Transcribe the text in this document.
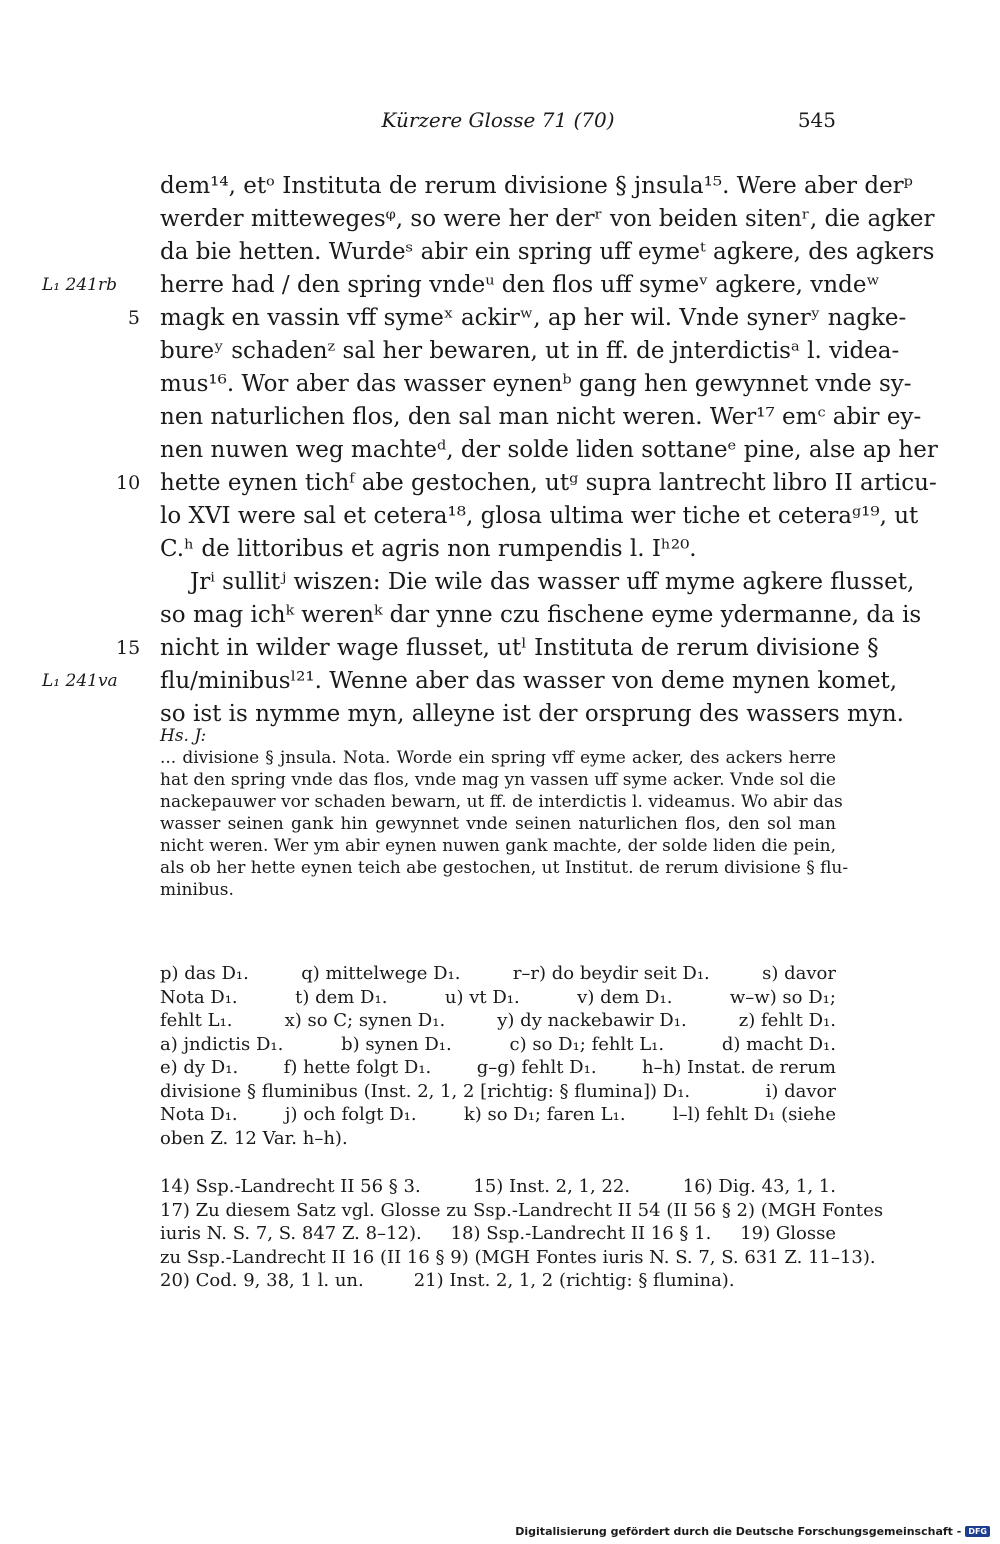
Kürzere Glosse 71 (70)	545
dem¹⁴, etᵒ Instituta de rerum divisione § jnsula¹⁵. Were aber derᵖ
werder mittewegesᵠ, so were her derʳ von beiden sitenʳ, die agker
da bie hetten. Wurdeˢ abir ein spring uff eymeᵗ agkere, des agkers
herre had / den spring vndeᵘ den flos uff symeᵛ agkere, vndeʷ
L₁ 241rb
magk en vassin vff symeˣ ackirʷ, ap her wil. Vnde synerʸ nagke-
5
bureʸ schadenᶻ sal her bewaren, ut in ff. de jnterdictisᵃ l. videa-
mus¹⁶. Wor aber das wasser eynenᵇ gang hen gewynnet vnde sy-
nen naturlichen flos, den sal man nicht weren. Wer¹⁷ emᶜ abir ey-
nen nuwen weg machteᵈ, der solde liden sottaneᵉ pine, alse ap her
hette eynen tichᶠ abe gestochen, utᵍ supra lantrecht libro II articu-
10
lo XVI were sal et cetera¹⁸, glosa ultima wer tiche et ceteraᵍ¹⁹, ut
C.ʰ de littoribus et agris non rumpendis l. Iʰ²⁰.
Jrⁱ sullitʲ wiszen: Die wile das wasser uff myme agkere flusset,
so mag ichᵏ werenᵏ dar ynne czu fischene eyme ydermanne, da is
nicht in wilder wage flusset, utˡ Instituta de rerum divisione §
15
flu/minibusˡ²¹. Wenne aber das wasser von deme mynen komet,
L₁ 241va
so ist is nymme myn, alleyne ist der orsprung des wassers myn.
Hs. J:
... divisione § jnsula. Nota. Worde ein spring vff eyme acker, des ackers herre
hat den spring vnde das flos, vnde mag yn vassen uff syme acker. Vnde sol die
nackepauwer vor schaden bewarn, ut ff. de interdictis l. videamus. Wo abir das
wasser seinen gank hin gewynnet vnde seinen naturlichen flos, den sol man
nicht weren. Wer ym abir eynen nuwen gank machte, der solde liden die pein,
als ob her hette eynen teich abe gestochen, ut Institut. de rerum divisione § flu-
minibus.
p) das D₁.	q) mittelwege D₁.	r–r) do beydir seit D₁.	s) davor
Nota D₁.	t) dem D₁.	u) vt D₁.	v) dem D₁.	w–w) so D₁;
fehlt L₁.	x) so C; synen D₁.	y) dy nackebawir D₁.	z) fehlt D₁.
a) jndictis D₁.	b) synen D₁.	c) so D₁; fehlt L₁.	d) macht D₁.
e) dy D₁.	f) hette folgt D₁.	g–g) fehlt D₁.	h–h) Instat. de rerum
divisione § fluminibus (Inst. 2, 1, 2 [richtig: § flumina]) D₁.	i) davor
Nota D₁.	j) och folgt D₁.	k) so D₁; faren L₁.	l–l) fehlt D₁ (siehe
oben Z. 12 Var. h–h).
14) Ssp.-Landrecht II 56 § 3.	15) Inst. 2, 1, 22.	16) Dig. 43, 1, 1.
17) Zu diesem Satz vgl. Glosse zu Ssp.-Landrecht II 54 (II 56 § 2) (MGH Fontes
iuris N. S. 7, S. 847 Z. 8–12). 18) Ssp.-Landrecht II 16 § 1. 19) Glosse
zu Ssp.-Landrecht II 16 (II 16 § 9) (MGH Fontes iuris N. S. 7, S. 631 Z. 11–13).
20) Cod. 9, 38, 1 l. un.	21) Inst. 2, 1, 2 (richtig: § flumina).
Digitalisierung gefördert durch die Deutsche Forschungsgemeinschaft - DFG
